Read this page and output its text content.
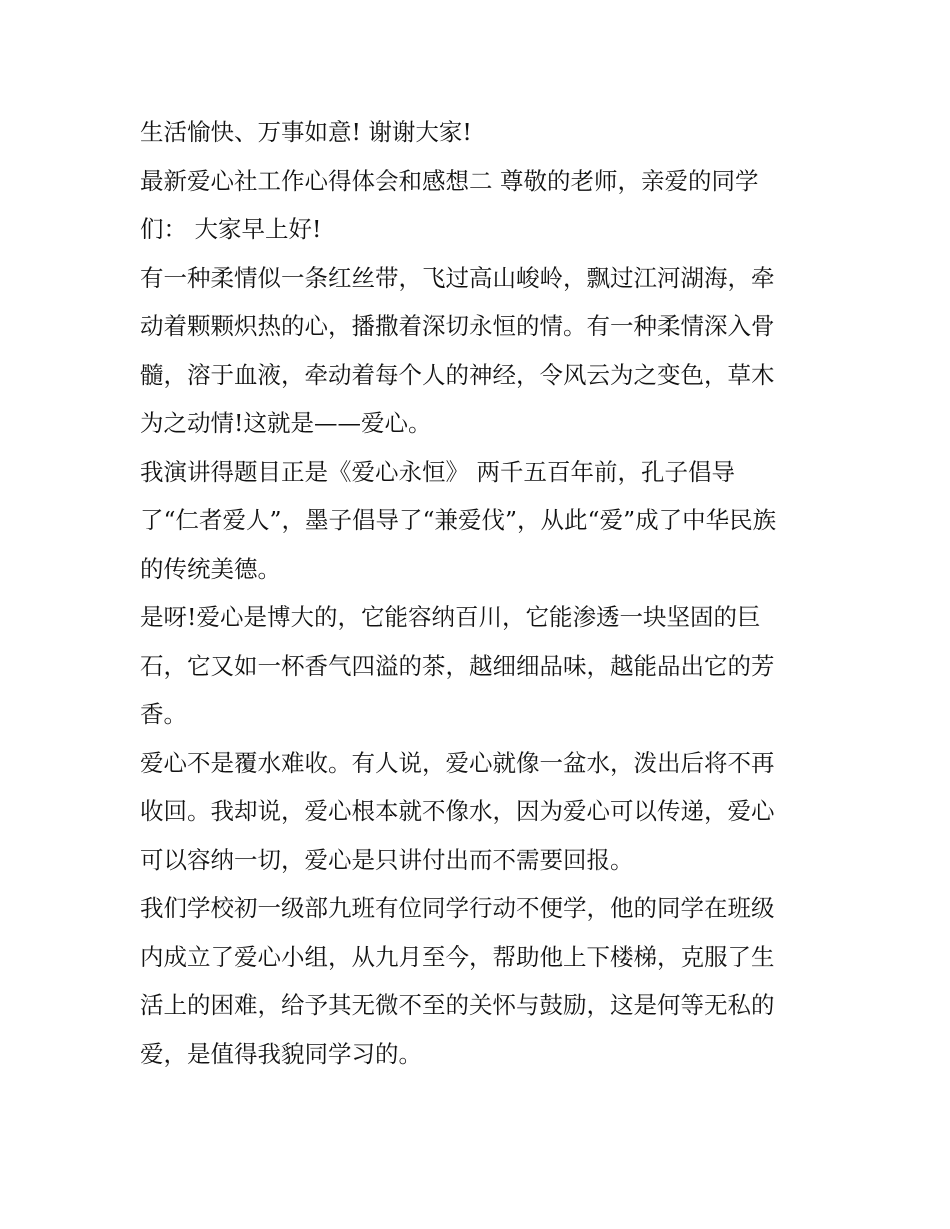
生活愉快、万事如意! 谢谢大家!
最新爱心社工作心得体会和感想二 尊敬的老师，亲爱的同学
们： 大家早上好!
有一种柔情似一条红丝带，飞过高山峻岭，飘过江河湖海，牵
动着颗颗炽热的心，播撒着深切永恒的情。有一种柔情深入骨
髓，溶于血液，牵动着每个人的神经，令风云为之变色，草木
为之动情!这就是——爱心。
我演讲得题目正是《爱心永恒》 两千五百年前，孔子倡导
了“仁者爱人”，墨子倡导了“兼爱伐”，从此“爱”成了中华民族
的传统美德。
是呀!爱心是博大的，它能容纳百川，它能渗透一块坚固的巨
石，它又如一杯香气四溢的茶，越细细品味，越能品出它的芳
香。
爱心不是覆水难收。有人说，爱心就像一盆水，泼出后将不再
收回。我却说，爱心根本就不像水，因为爱心可以传递，爱心
可以容纳一切，爱心是只讲付出而不需要回报。
我们学校初一级部九班有位同学行动不便学，他的同学在班级
内成立了爱心小组，从九月至今，帮助他上下楼梯，克服了生
活上的困难，给予其无微不至的关怀与鼓励，这是何等无私的
爱，是值得我貌同学习的。
